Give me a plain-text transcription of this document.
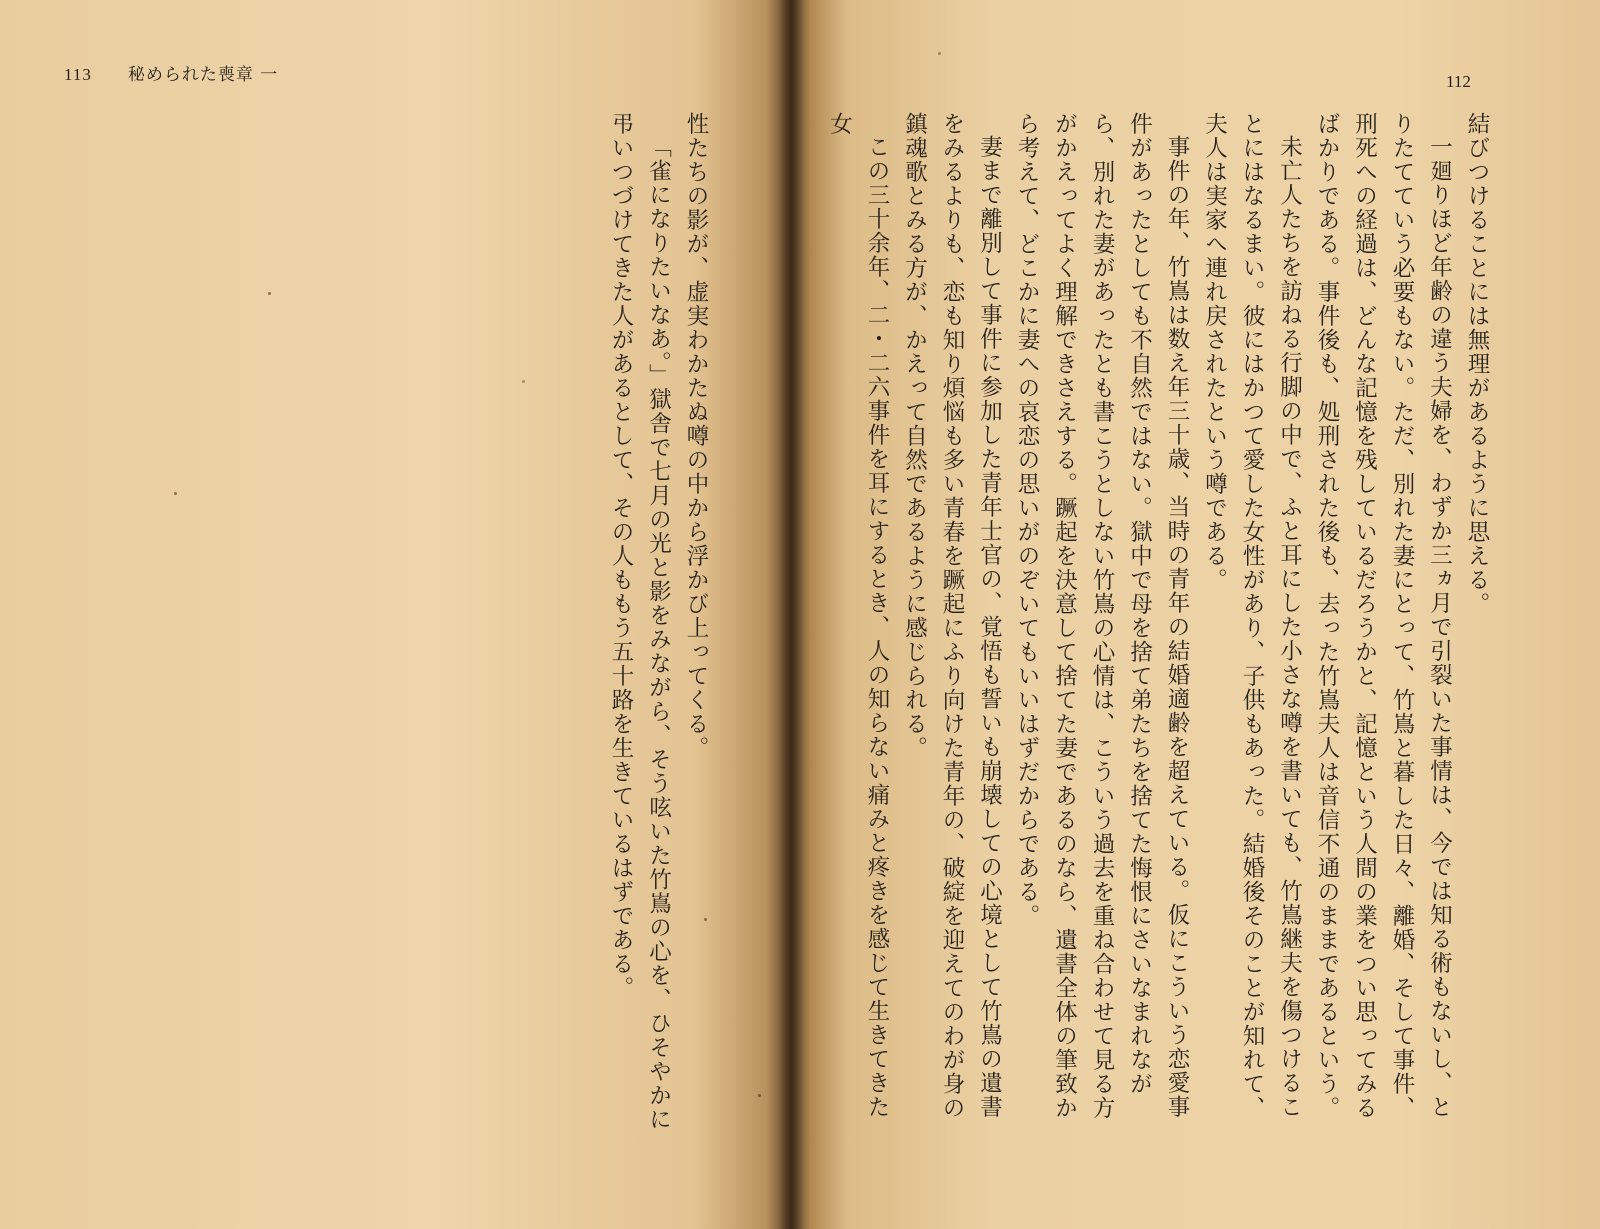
113 秘められた喪章 一

性たちの影が、虚実わかたぬ噂の中から浮かび上ってくる。

「雀になりたいなあ。」獄舎で七月の光と影をみながら、そう呟いた竹嶌の心を、ひそやかに弔いつづけてきた人があるとして、その人ももう五十路を生きているはずである。

112

結びつけることには無理があるように思える。

一廻りほど年齢の違う夫婦を、わずか三ヵ月で引裂いた事情は、今では知る術もないし、とりたてていう必要もない。ただ、別れた妻にとって、竹嶌と暮した日々、離婚、そして事件、刑死への経過は、どんな記憶を残しているだろうかと、記憶という人間の業をつい思ってみるばかりである。事件後も、処刑された後も、去った竹嶌夫人は音信不通のままであるという。

未亡人たちを訪ねる行脚の中で、ふと耳にした小さな噂を書いても、竹嶌継夫を傷つけることにはなるまい。彼にはかつて愛した女性があり、子供もあった。結婚後そのことが知れて、夫人は実家へ連れ戻されたという噂である。

事件の年、竹嶌は数え年三十歳、当時の青年の結婚適齢を超えている。仮にこういう恋愛事件があったとしても不自然ではない。獄中で母を捨て弟たちを捨てた悔恨にさいなまれながら、別れた妻があったとも書こうとしない竹嶌の心情は、こういう過去を重ね合わせて見る方がかえってよく理解できさえする。蹶起を決意して捨てた妻であるのなら、遺書全体の筆致から考えて、どこかに妻への哀恋の思いがのぞいてもいいはずだからである。

妻まで離別して事件に参加した青年士官の、覚悟も誓いも崩壊しての心境として竹嶌の遺書をみるよりも、恋も知り煩悩も多い青春を蹶起にふり向けた青年の、破綻を迎えてのわが身の鎮魂歌とみる方が、かえって自然であるように感じられる。

この三十余年、二・二六事件を耳にするとき、人の知らない痛みと疼きを感じて生きてきた女
